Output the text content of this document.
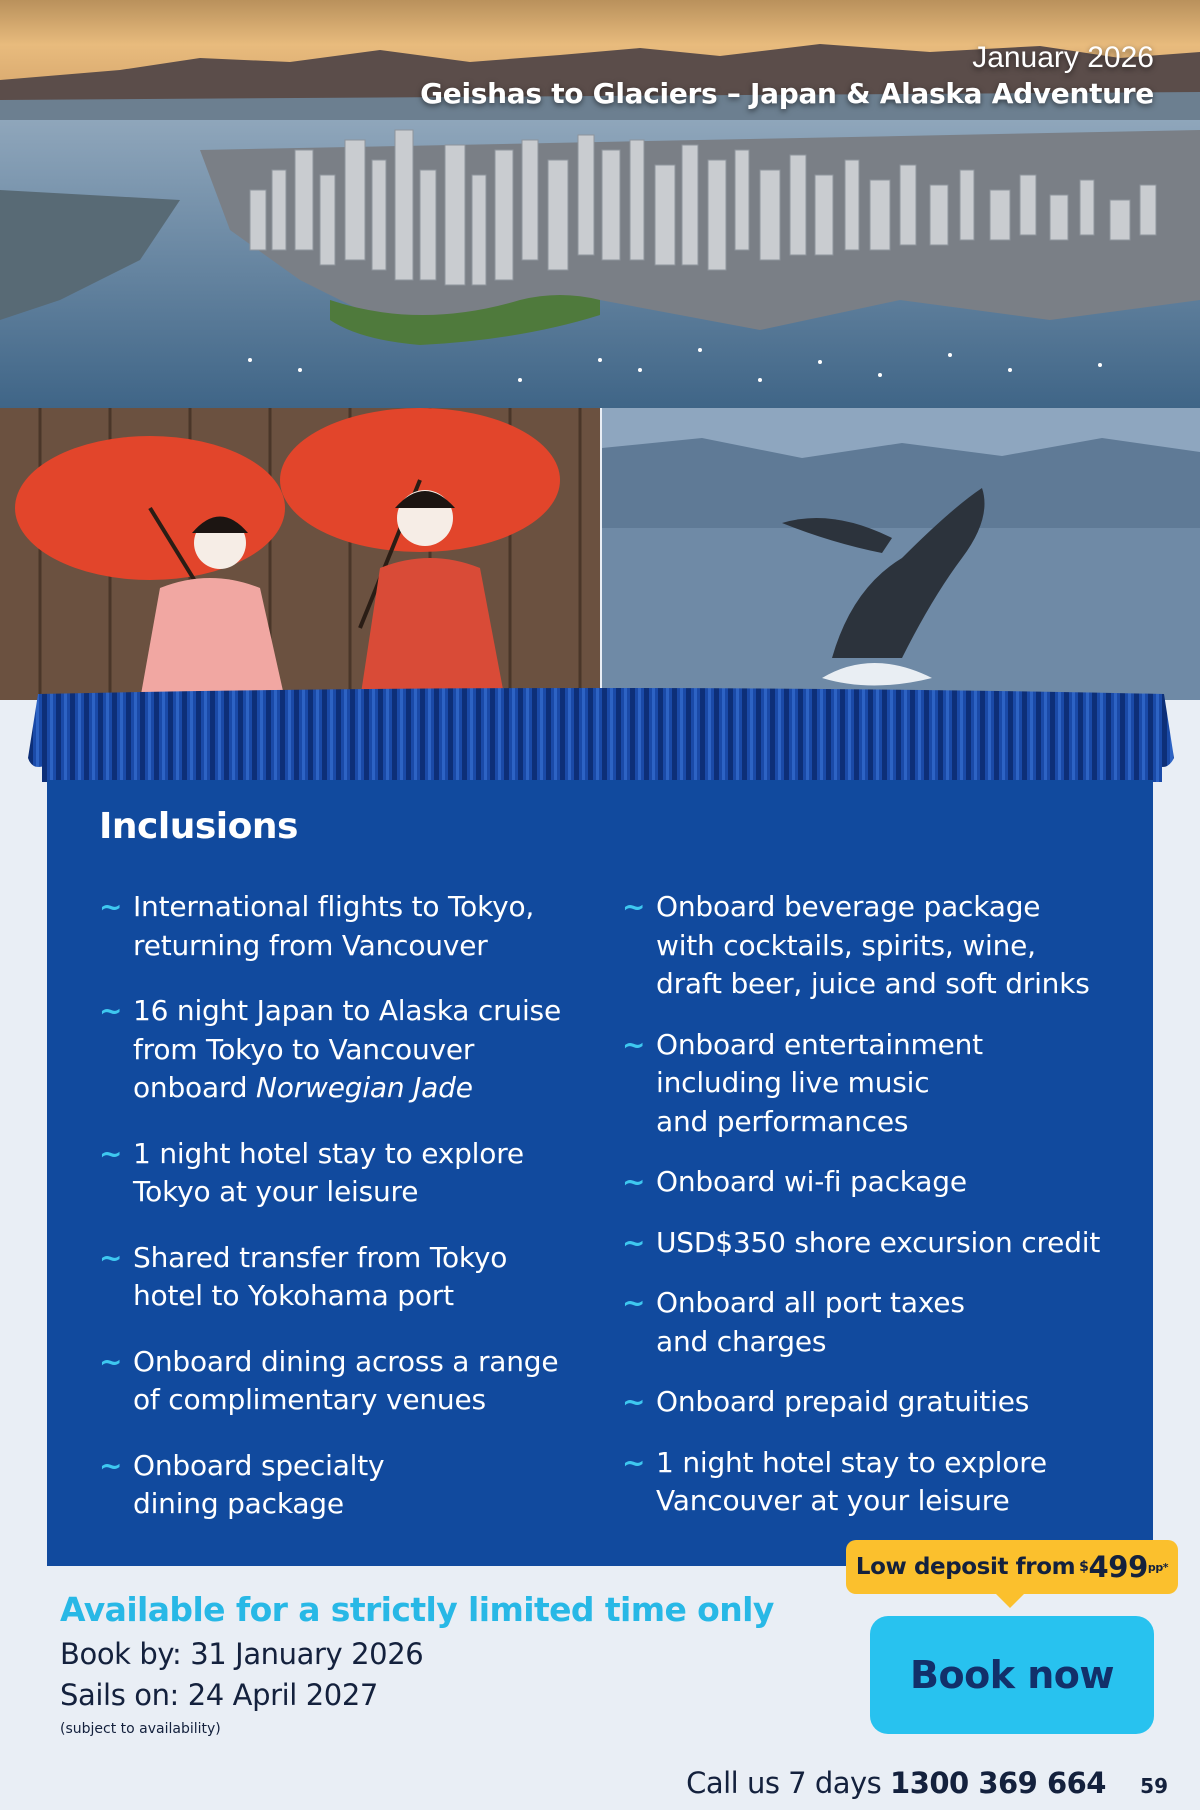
January 2026
Geishas to Glaciers – Japan & Alaska Adventure
Inclusions
~ International flights to Tokyo,
returning from Vancouver
~ 16 night Japan to Alaska cruise
from Tokyo to Vancouver
onboard Norwegian Jade
~ 1 night hotel stay to explore
Tokyo at your leisure
~ Shared transfer from Tokyo
hotel to Yokohama port
~ Onboard dining across a range
of complimentary venues
~ Onboard specialty
dining package
~ Onboard beverage package
with cocktails, spirits, wine,
draft beer, juice and soft drinks
~ Onboard entertainment
including live music
and performances
~ Onboard wi-fi package
~ USD$350 shore excursion credit
~ Onboard all port taxes
and charges
~ Onboard prepaid gratuities
~ 1 night hotel stay to explore
Vancouver at your leisure
Low deposit from $ 499 pp*
Available for a strictly limited time only
Book by: 31 January 2026
Sails on: 24 April 2027
(subject to availability)
Book now
Call us 7 days 1300 369 664 59
